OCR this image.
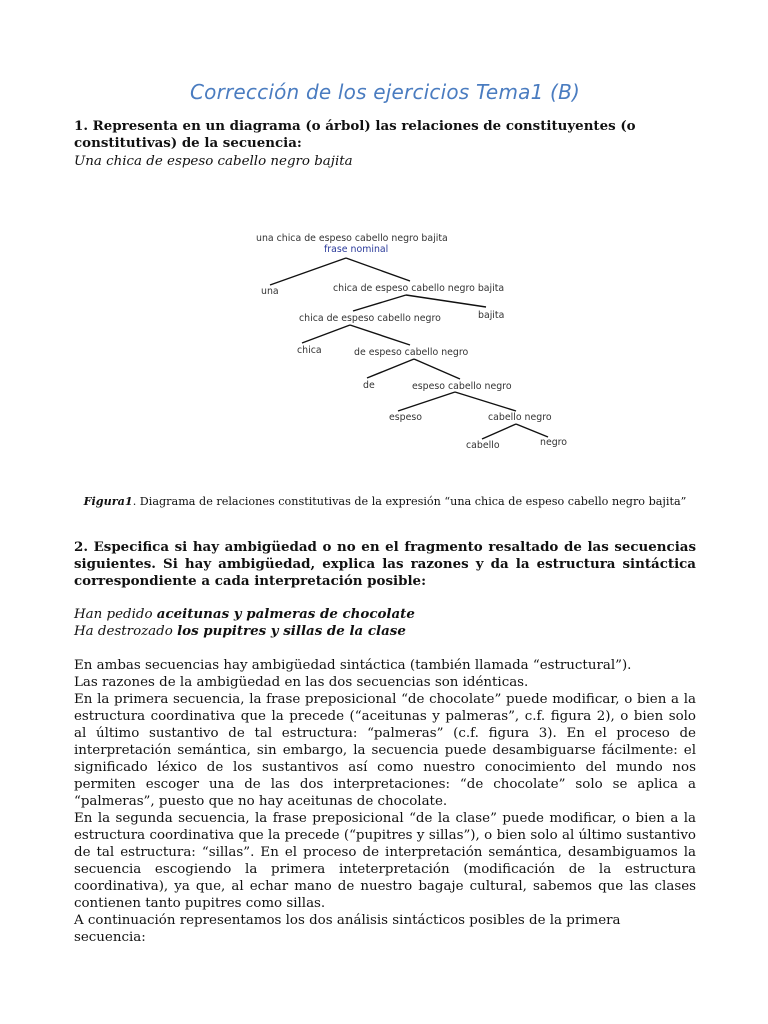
Corrección de los ejercicios Tema1 (B)

1. Representa en un diagrama (o árbol) las relaciones de constituyentes (o constitutivas) de la secuencia:

Una chica de espeso cabello negro bajita

una chica de espeso cabello negro bajita
frase nominal
una	chica de espeso cabello negro bajita
chica de espeso cabello negro	bajita
chica	de espeso cabello negro
de	espeso cabello negro
espeso	cabello negro
cabello	negro

Figura1. Diagrama de relaciones constitutivas de la expresión “una chica de espeso cabello negro bajita”

2. Especifica si hay ambigüedad o no en el fragmento resaltado de las secuencias siguientes. Si hay ambigüedad, explica las razones y da la estructura sintáctica correspondiente a cada interpretación posible:

Han pedido aceitunas y palmeras de chocolate

Ha destrozado los pupitres y sillas de la clase

En ambas secuencias hay ambigüedad sintáctica (también llamada “estructural”).

Las razones de la ambigüedad en las dos secuencias son idénticas.

En la primera secuencia, la frase preposicional “de chocolate” puede modificar, o bien a la estructura coordinativa que la precede (“aceitunas y palmeras”, c.f. figura 2), o bien solo al último sustantivo de tal estructura: “palmeras” (c.f. figura 3). En el proceso de interpretación semántica, sin embargo, la secuencia puede desambiguarse fácilmente: el significado léxico de los sustantivos así como nuestro conocimiento del mundo nos permiten escoger una de las dos interpretaciones: “de chocolate” solo se aplica a “palmeras”, puesto que no hay aceitunas de chocolate.

En la segunda secuencia, la frase preposicional “de la clase” puede modificar, o bien a la estructura coordinativa que la precede (“pupitres y sillas”), o bien solo al último sustantivo de tal estructura: “sillas”. En el proceso de interpretación semántica, desambiguamos la secuencia escogiendo la primera inteterpretación (modificación de la estructura coordinativa), ya que, al echar mano de nuestro bagaje cultural, sabemos que las clases contienen tanto pupitres como sillas.

A continuación representamos los dos análisis sintácticos posibles de la primera secuencia:
